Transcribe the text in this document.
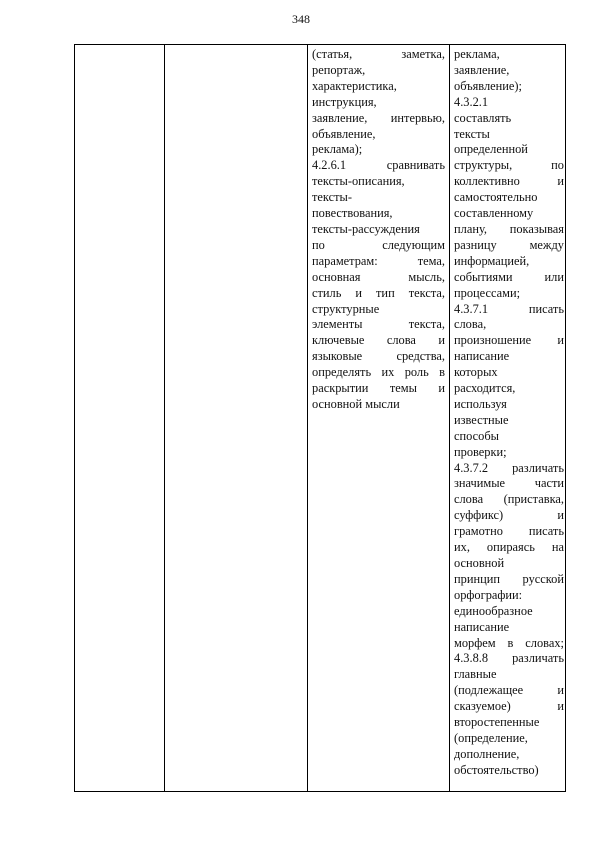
348
(статья, заметка,
репортаж,
характеристика,
инструкция,
заявление, интервью,
объявление,
реклама);
4.2.6.1 сравнивать
тексты-описания,
тексты-
повествования,
тексты-рассуждения
по следующим
параметрам: тема,
основная мысль,
стиль и тип текста,
структурные
элементы текста,
ключевые слова и
языковые средства,
определять их роль в
раскрытии темы и
основной мысли
реклама,
заявление,
объявление);
4.3.2.1
составлять
тексты
определенной
структуры, по
коллективно и
самостоятельно
составленному
плану, показывая
разницу между
информацией,
событиями или
процессами;
4.3.7.1 писать
слова,
произношение и
написание
которых
расходится,
используя
известные
способы
проверки;
4.3.7.2 различать
значимые части
слова (приставка,
суффикс) и
грамотно писать
их, опираясь на
основной
принцип русской
орфографии:
единообразное
написание
морфем в словах;
4.3.8.8 различать
главные
(подлежащее и
сказуемое) и
второстепенные
(определение,
дополнение,
обстоятельство)
